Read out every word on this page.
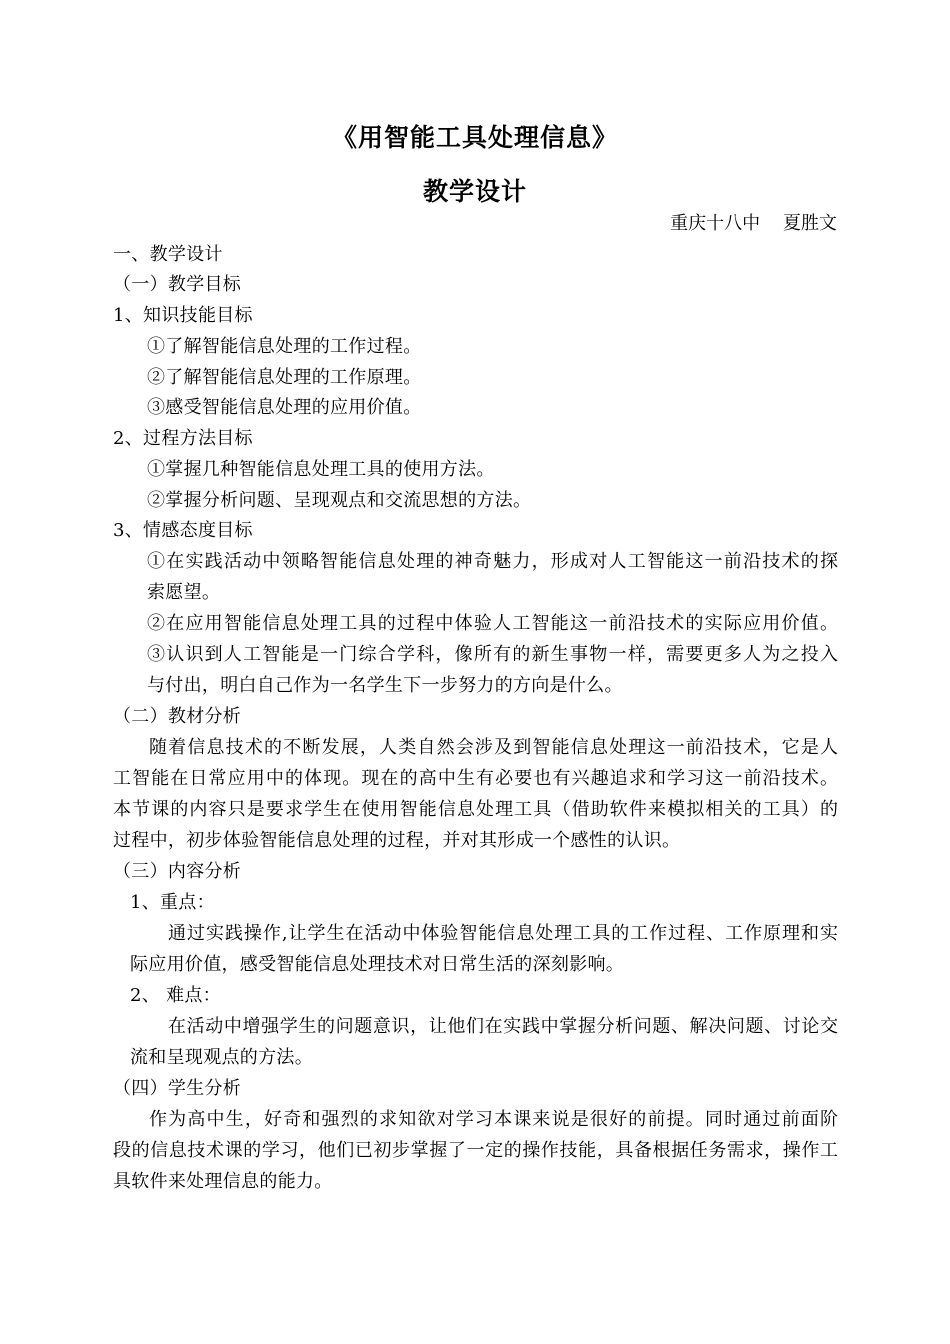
《用智能工具处理信息》
教学设计
重庆十八中    夏胜文
一、教学设计
（一）教学目标
1、知识技能目标
①了解智能信息处理的工作过程。
②了解智能信息处理的工作原理。
③感受智能信息处理的应用价值。
2、过程方法目标
①掌握几种智能信息处理工具的使用方法。
②掌握分析问题、呈现观点和交流思想的方法。
3、情感态度目标
①在实践活动中领略智能信息处理的神奇魅力，形成对人工智能这一前沿技术的探
索愿望。
②在应用智能信息处理工具的过程中体验人工智能这一前沿技术的实际应用价值。
③认识到人工智能是一门综合学科，像所有的新生事物一样，需要更多人为之投入
与付出，明白自己作为一名学生下一步努力的方向是什么。
（二）教材分析
随着信息技术的不断发展，人类自然会涉及到智能信息处理这一前沿技术，它是人
工智能在日常应用中的体现。现在的高中生有必要也有兴趣追求和学习这一前沿技术。
本节课的内容只是要求学生在使用智能信息处理工具（借助软件来模拟相关的工具）的
过程中，初步体验智能信息处理的过程，并对其形成一个感性的认识。
（三）内容分析
1、重点：
通过实践操作,让学生在活动中体验智能信息处理工具的工作过程、工作原理和实
际应用价值，感受智能信息处理技术对日常生活的深刻影响。
2、 难点：
在活动中增强学生的问题意识，让他们在实践中掌握分析问题、解决问题、讨论交
流和呈现观点的方法。
（四）学生分析
作为高中生，好奇和强烈的求知欲对学习本课来说是很好的前提。同时通过前面阶
段的信息技术课的学习，他们已初步掌握了一定的操作技能，具备根据任务需求，操作工
具软件来处理信息的能力。
